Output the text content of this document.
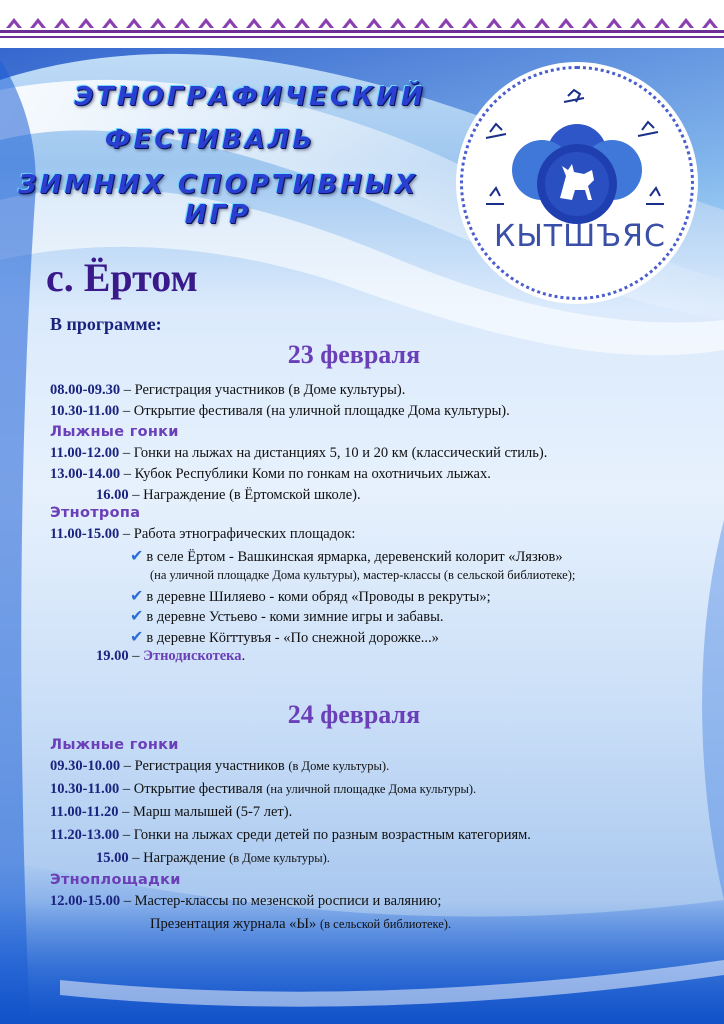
ЭТНОГРАФИЧЕСКИЙ
ФЕСТИВАЛЬ
ЗИМНИХ СПОРТИВНЫХ ИГР
КЫТШЪЯС
с. Ёртом
В программе:
23 февраля
08.00-09.30 – Регистрация участников (в Доме культуры).
10.30-11.00 – Открытие фестиваля (на уличной площадке Дома культуры).
Лыжные гонки
11.00-12.00 – Гонки на лыжах на дистанциях 5, 10 и 20 км (классический стиль).
13.00-14.00 – Кубок Республики Коми по гонкам на охотничьих лыжах.
16.00 – Награждение (в Ёртомской школе).
Этнотропа
11.00-15.00 – Работа этнографических площадок:
✔ в селе Ёртом - Вашкинская ярмарка, деревенский колорит «Лязюв»
(на уличной площадке Дома культуры), мастер-классы (в сельской библиотеке);
✔ в деревне Шиляево - коми обряд «Проводы в рекруты»;
✔ в деревне Устьево - коми зимние игры и забавы.
✔ в деревне Кörттувъя - «По снежной дорожке...»
19.00 – Этнодискотека.
24 февраля
Лыжные гонки
09.30-10.00 – Регистрация участников (в Доме культуры).
10.30-11.00 – Открытие фестиваля (на уличной площадке Дома культуры).
11.00-11.20 – Марш малышей (5-7 лет).
11.20-13.00 – Гонки на лыжах среди детей по разным возрастным категориям.
15.00 – Награждение (в Доме культуры).
Этноплощадки
12.00-15.00 – Мастер-классы по мезенской росписи и валянию;
Презентация журнала «Ы» (в сельской библиотеке).
